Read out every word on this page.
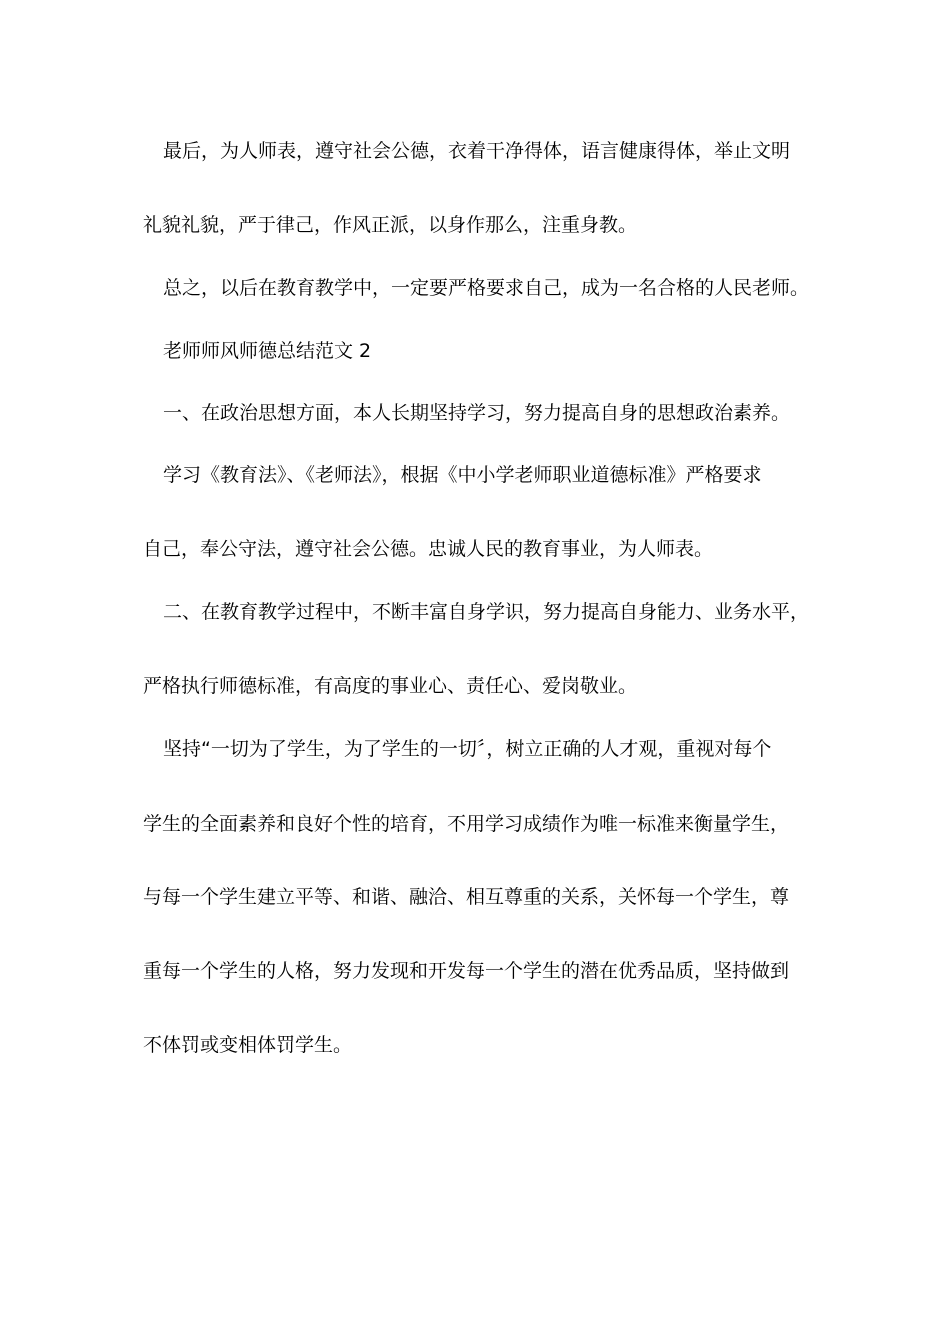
最后，为人师表，遵守社会公德，衣着干净得体，语言健康得体，举止文明
礼貌礼貌，严于律己，作风正派，以身作那么，注重身教。
总之，以后在教育教学中，一定要严格要求自己，成为一名合格的人民老师。
老师师风师德总结范文 2
一、在政治思想方面，本人长期坚持学习，努力提高自身的思想政治素养。
学习《教育法》、《老师法》，根据《中小学老师职业道德标准》严格要求
自己，奉公守法，遵守社会公德。忠诚人民的教育事业，为人师表。
二、在教育教学过程中，不断丰富自身学识，努力提高自身能力、业务水平，
严格执行师德标准，有高度的事业心、责任心、爱岗敬业。
坚持“一切为了学生，为了学生的一切〞，树立正确的人才观，重视对每个
学生的全面素养和良好个性的培育，不用学习成绩作为唯一标准来衡量学生，
与每一个学生建立平等、和谐、融洽、相互尊重的关系，关怀每一个学生，尊
重每一个学生的人格，努力发现和开发每一个学生的潜在优秀品质，坚持做到
不体罚或变相体罚学生。
